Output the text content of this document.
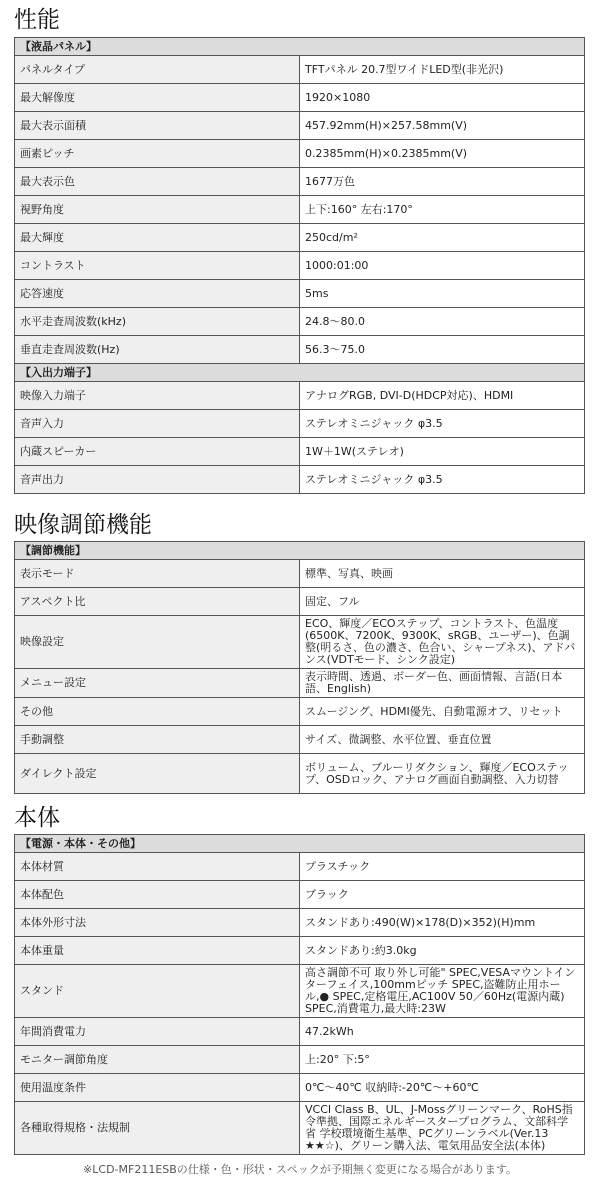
性能
【液晶パネル】	
パネルタイプ	TFTパネル 20.7型ワイドLED型(非光沢)
最大解像度	1920×1080
最大表示面積	457.92mm(H)×257.58mm(V)
画素ピッチ	0.2385mm(H)×0.2385mm(V)
最大表示色	1677万色
視野角度	上下:160° 左右:170°
最大輝度	250cd/m²
コントラスト	1000:01:00
応答速度	5ms
水平走査周波数(kHz)	24.8～80.0
垂直走査周波数(Hz)	56.3～75.0
【入出力端子】	
映像入力端子	アナログRGB, DVI-D(HDCP対応)、HDMI
音声入力	ステレオミニジャック φ3.5
内蔵スピーカー	1W＋1W(ステレオ)
音声出力	ステレオミニジャック φ3.5
映像調節機能
【調節機能】	
表示モード	標準、写真、映画
アスペクト比	固定、フル
映像設定	ECO、輝度／ECOステップ、コントラスト、色温度(6500K、7200K、9300K、sRGB、ユーザー)、色調整(明るさ、色の濃さ、色合い、シャープネス)、アドバンス(VDTモード、シンク設定)
メニュー設定	表示時間、透過、ボーダー色、画面情報、言語(日本語、English)
その他	スムージング、HDMI優先、自動電源オフ、リセット
手動調整	サイズ、微調整、水平位置、垂直位置
ダイレクト設定	ボリューム、ブルーリダクション、輝度／ECOステップ、OSDロック、アナログ画面自動調整、入力切替
本体
【電源・本体・その他】	
本体材質	プラスチック
本体配色	ブラック
本体外形寸法	スタンドあり:490(W)×178(D)×352)(H)mm
本体重量	スタンドあり:約3.0kg
スタンド	高さ調節不可 取り外し可能" SPEC,VESAマウントインターフェイス,100mmピッチ SPEC,盗難防止用ホール,● SPEC,定格電圧,AC100V 50／60Hz(電源内蔵) SPEC,消費電力,最大時:23W
年間消費電力	47.2kWh
モニター調節角度	上:20° 下:5°
使用温度条件	0℃～40℃ 収納時:-20℃～+60℃
各種取得規格・法規制	VCCI Class B、UL、J-Mossグリーンマーク、RoHS指令準拠、国際エネルギースタープログラム、文部科学省 学校環境衛生基準、PCグリーンラベル(Ver.13 ★★☆)、グリーン購入法、電気用品安全法(本体)

※LCD-MF211ESBの仕様・色・形状・スペックが予期無く変更になる場合があります。
